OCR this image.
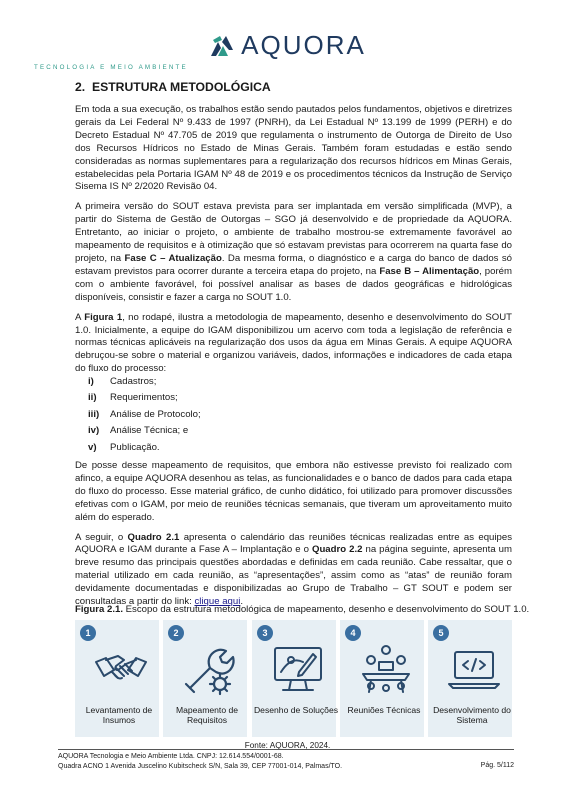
AQUORA
TECNOLOGIA E MEIO AMBIENTE
2. ESTRUTURA METODOLÓGICA

Em toda a sua execução, os trabalhos estão sendo pautados pelos fundamentos, objetivos e diretrizes gerais da Lei Federal Nº 9.433 de 1997 (PNRH), da Lei Estadual Nº 13.199 de 1999 (PERH) e do Decreto Estadual Nº 47.705 de 2019 que regulamenta o instrumento de Outorga de Direito de Uso dos Recursos Hídricos no Estado de Minas Gerais. Também foram estudadas e estão sendo consideradas as normas suplementares para a regularização dos recursos hídricos em Minas Gerais, estabelecidas pela Portaria IGAM Nº 48 de 2019 e os procedimentos técnicos da Instrução de Serviço Sisema IS Nº 2/2020 Revisão 04.

A primeira versão do SOUT estava prevista para ser implantada em versão simplificada (MVP), a partir do Sistema de Gestão de Outorgas – SGO já desenvolvido e de propriedade da AQUORA. Entretanto, ao iniciar o projeto, o ambiente de trabalho mostrou-se extremamente favorável ao mapeamento de requisitos e à otimização que só estavam previstas para ocorrerem na quarta fase do projeto, na Fase C – Atualização. Da mesma forma, o diagnóstico e a carga do banco de dados só estavam previstos para ocorrer durante a terceira etapa do projeto, na Fase B – Alimentação, porém com o ambiente favorável, foi possível analisar as bases de dados geográficas e hidrológicas disponíveis, consistir e fazer a carga no SOUT 1.0.

A Figura 1, no rodapé, ilustra a metodologia de mapeamento, desenho e desenvolvimento do SOUT 1.0. Inicialmente, a equipe do IGAM disponibilizou um acervo com toda a legislação de referência e normas técnicas aplicáveis na regularização dos usos da água em Minas Gerais. A equipe AQUORA debruçou-se sobre o material e organizou variáveis, dados, informações e indicadores de cada etapa do fluxo do processo:

i)	Cadastros;
ii)	Requerimentos;
iii)	Análise de Protocolo;
iv)	Análise Técnica; e
v)	Publicação.

De posse desse mapeamento de requisitos, que embora não estivesse previsto foi realizado com afinco, a equipe AQUORA desenhou as telas, as funcionalidades e o banco de dados para cada etapa do fluxo do processo. Esse material gráfico, de cunho didático, foi utilizado para promover discussões efetivas com o IGAM, por meio de reuniões técnicas semanais, que tiveram um aproveitamento muito além do esperado.

A seguir, o Quadro 2.1 apresenta o calendário das reuniões técnicas realizadas entre as equipes AQUORA e IGAM durante a Fase A – Implantação e o Quadro 2.2 na página seguinte, apresenta um breve resumo das principais questões abordadas e definidas em cada reunião. Cabe ressaltar, que o material utilizado em cada reunião, as “apresentações”, assim como as “atas” de reunião foram devidamente documentadas e disponibilizadas ao Grupo de Trabalho – GT SOUT e podem ser consultadas a partir do link: clique aqui.

Figura 2.1. Escopo da estrutura metodológica de mapeamento, desenho e desenvolvimento do SOUT 1.0.
1
Levantamento de Insumos
2
Mapeamento de Requisitos
3
Desenho de Soluções
4
Reuniões Técnicas
5
Desenvolvimento do Sistema
Fonte: AQUORA, 2024.
AQUORA Tecnologia e Meio Ambiente Ltda. CNPJ: 12.614.554/0001-68.
Quadra ACNO 1 Avenida Juscelino Kubitscheck S/N, Sala 39, CEP 77001-014, Palmas/TO.	Pág. 5/112
